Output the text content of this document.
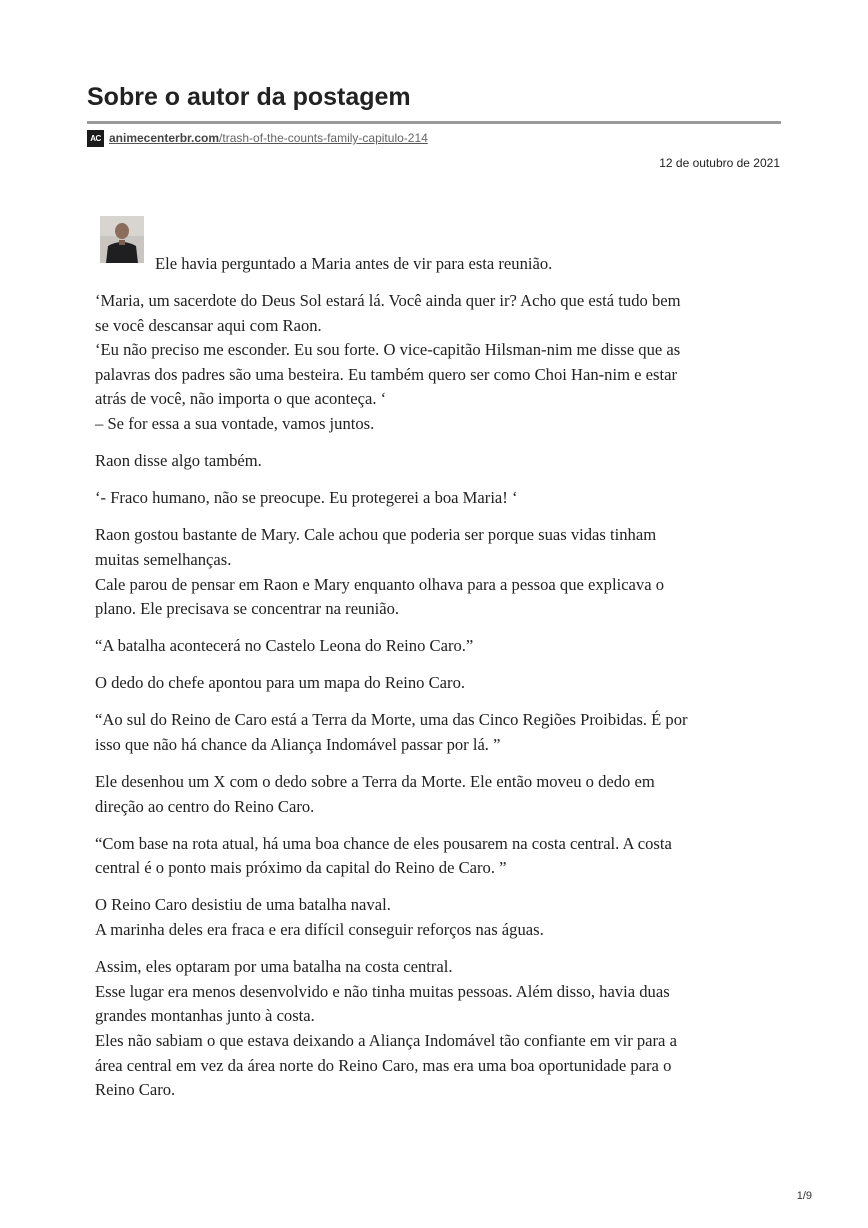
Sobre o autor da postagem
AC animecenterbr.com/trash-of-the-counts-family-capitulo-214
12 de outubro de 2021

Ele havia perguntado a Maria antes de vir para esta reunião.

‘Maria, um sacerdote do Deus Sol estará lá. Você ainda quer ir? Acho que está tudo bem
se você descansar aqui com Raon.
‘Eu não preciso me esconder. Eu sou forte. O vice-capitão Hilsman-nim me disse que as
palavras dos padres são uma besteira. Eu também quero ser como Choi Han-nim e estar
atrás de você, não importa o que aconteça. ‘
– Se for essa a sua vontade, vamos juntos.

Raon disse algo também.

‘- Fraco humano, não se preocupe. Eu protegerei a boa Maria! ‘

Raon gostou bastante de Mary. Cale achou que poderia ser porque suas vidas tinham
muitas semelhanças.
Cale parou de pensar em Raon e Mary enquanto olhava para a pessoa que explicava o
plano. Ele precisava se concentrar na reunião.

“A batalha acontecerá no Castelo Leona do Reino Caro.”

O dedo do chefe apontou para um mapa do Reino Caro.

“Ao sul do Reino de Caro está a Terra da Morte, uma das Cinco Regiões Proibidas. É por
isso que não há chance da Aliança Indomável passar por lá. ”

Ele desenhou um X com o dedo sobre a Terra da Morte. Ele então moveu o dedo em
direção ao centro do Reino Caro.

“Com base na rota atual, há uma boa chance de eles pousarem na costa central. A costa
central é o ponto mais próximo da capital do Reino de Caro. ”

O Reino Caro desistiu de uma batalha naval.
A marinha deles era fraca e era difícil conseguir reforços nas águas.

Assim, eles optaram por uma batalha na costa central.
Esse lugar era menos desenvolvido e não tinha muitas pessoas. Além disso, havia duas
grandes montanhas junto à costa.
Eles não sabiam o que estava deixando a Aliança Indomável tão confiante em vir para a
área central em vez da área norte do Reino Caro, mas era uma boa oportunidade para o
Reino Caro.

1/9
